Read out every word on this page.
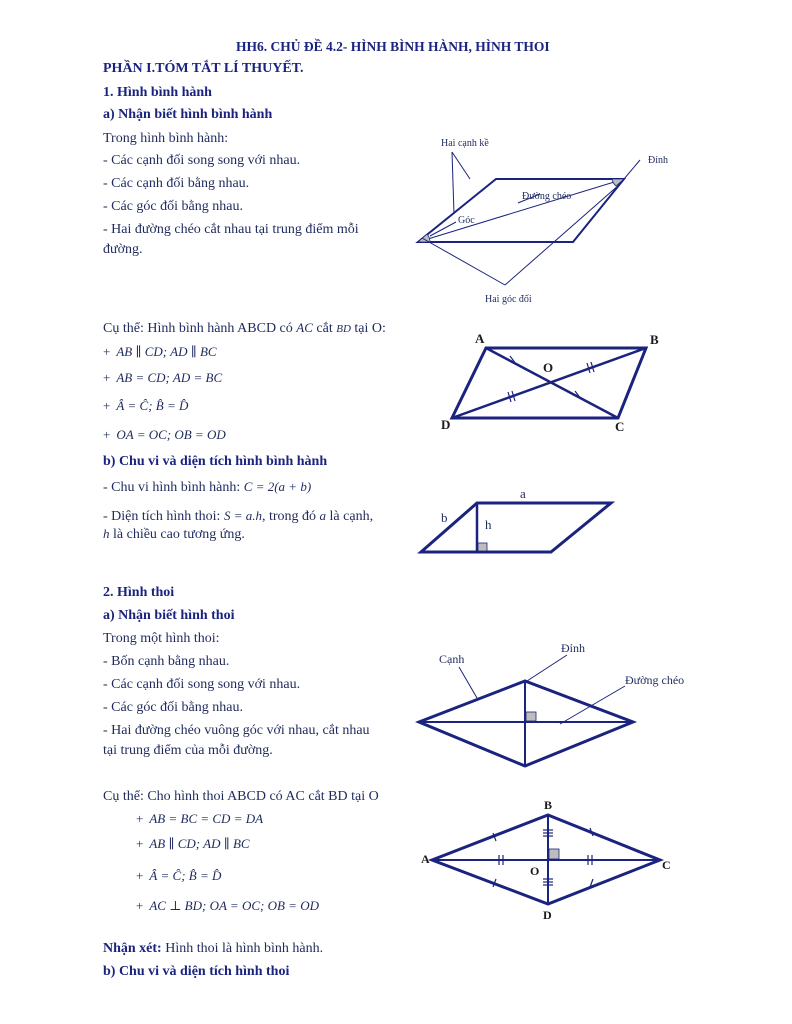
HH6. CHỦ ĐỀ 4.2- HÌNH BÌNH HÀNH, HÌNH THOI
PHẦN I.TÓM TẮT LÍ THUYẾT.
1. Hình bình hành
a) Nhận biết hình bình hành
Trong hình bình hành:
- Các cạnh đối song song với nhau.
- Các cạnh đối bằng nhau.
- Các góc đối bằng nhau.
- Hai đường chéo cắt nhau tại trung điểm mỗi
đường.
Hai cạnh kề
Đỉnh
Đường chéo
Góc
Hai góc đối
Cụ thể: Hình bình hành ABCD có AC cắt BD tại O:
+ AB ∥ CD; AD ∥ BC
+ AB = CD; AD = BC
+ Â = Ĉ; B̂ = D̂
+ OA = OC; OB = OD
A	B
C
D
O
b) Chu vi và diện tích hình bình hành
- Chu vi hình bình hành: C = 2(a + b)
- Diện tích hình thoi: S = a.h, trong đó a là cạnh,
h là chiều cao tương ứng.
a
b	h
2. Hình thoi
a) Nhận biết hình thoi
Trong một hình thoi:
- Bốn cạnh bằng nhau.
- Các cạnh đối song song với nhau.
- Các góc đối bằng nhau.
- Hai đường chéo vuông góc với nhau, cắt nhau
tại trung điểm của mỗi đường.
Cạnh
Đỉnh
Đường chéo
Cụ thể: Cho hình thoi ABCD có AC cắt BD tại O
+ AB = BC = CD = DA
+ AB ∥ CD; AD ∥ BC
+ Â = Ĉ; B̂ = D̂
+ AC ⊥ BD; OA = OC; OB = OD
A
B
C
D
O
Nhận xét: Hình thoi là hình bình hành.
b) Chu vi và diện tích hình thoi
